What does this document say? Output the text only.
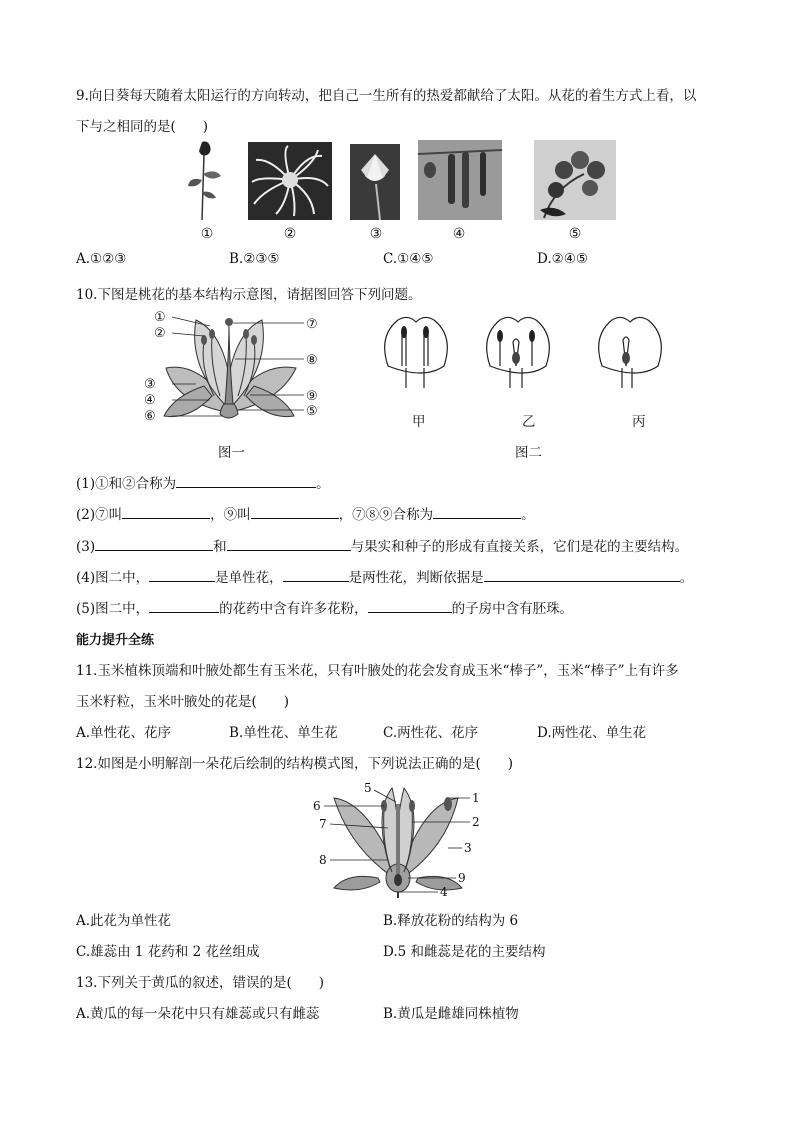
9.向日葵每天随着太阳运行的方向转动，把自己一生所有的热爱都献给了太阳。从花的着生方式上看，以
下与之相同的是(　　)
①	②	③	④	⑤
A.①②③	B.②③⑤	C.①④⑤	D.②④⑤
10.下图是桃花的基本结构示意图，请据图回答下列问题。
①
②
③
④
⑥
⑦
⑧
⑨
⑤
图一
甲	乙	丙
图二
(1)①和②合称为	。
(2)⑦叫	，⑨叫	，⑦⑧⑨合称为	。
(3)	和	与果实和种子的形成有直接关系，它们是花的主要结构。
(4)图二中，	是单性花，	是两性花，判断依据是	。
(5)图二中，	的花药中含有许多花粉，	的子房中含有胚珠。
能力提升全练
11.玉米植株顶端和叶腋处都生有玉米花，只有叶腋处的花会发育成玉米“棒子”，玉米“棒子”上有许多
玉米籽粒，玉米叶腋处的花是(　　)
A.单性花、花序	B.单性花、单生花	C.两性花、花序	D.两性花、单生花
12.如图是小明解剖一朵花后绘制的结构模式图，下列说法正确的是(　　)
5
6
7
8
1
2
3
9
4
A.此花为单性花	B.释放花粉的结构为 6
C.雄蕊由 1 花药和 2 花丝组成	D.5 和雌蕊是花的主要结构
13.下列关于黄瓜的叙述，错误的是(　　)
A.黄瓜的每一朵花中只有雄蕊或只有雌蕊	B.黄瓜是雌雄同株植物
